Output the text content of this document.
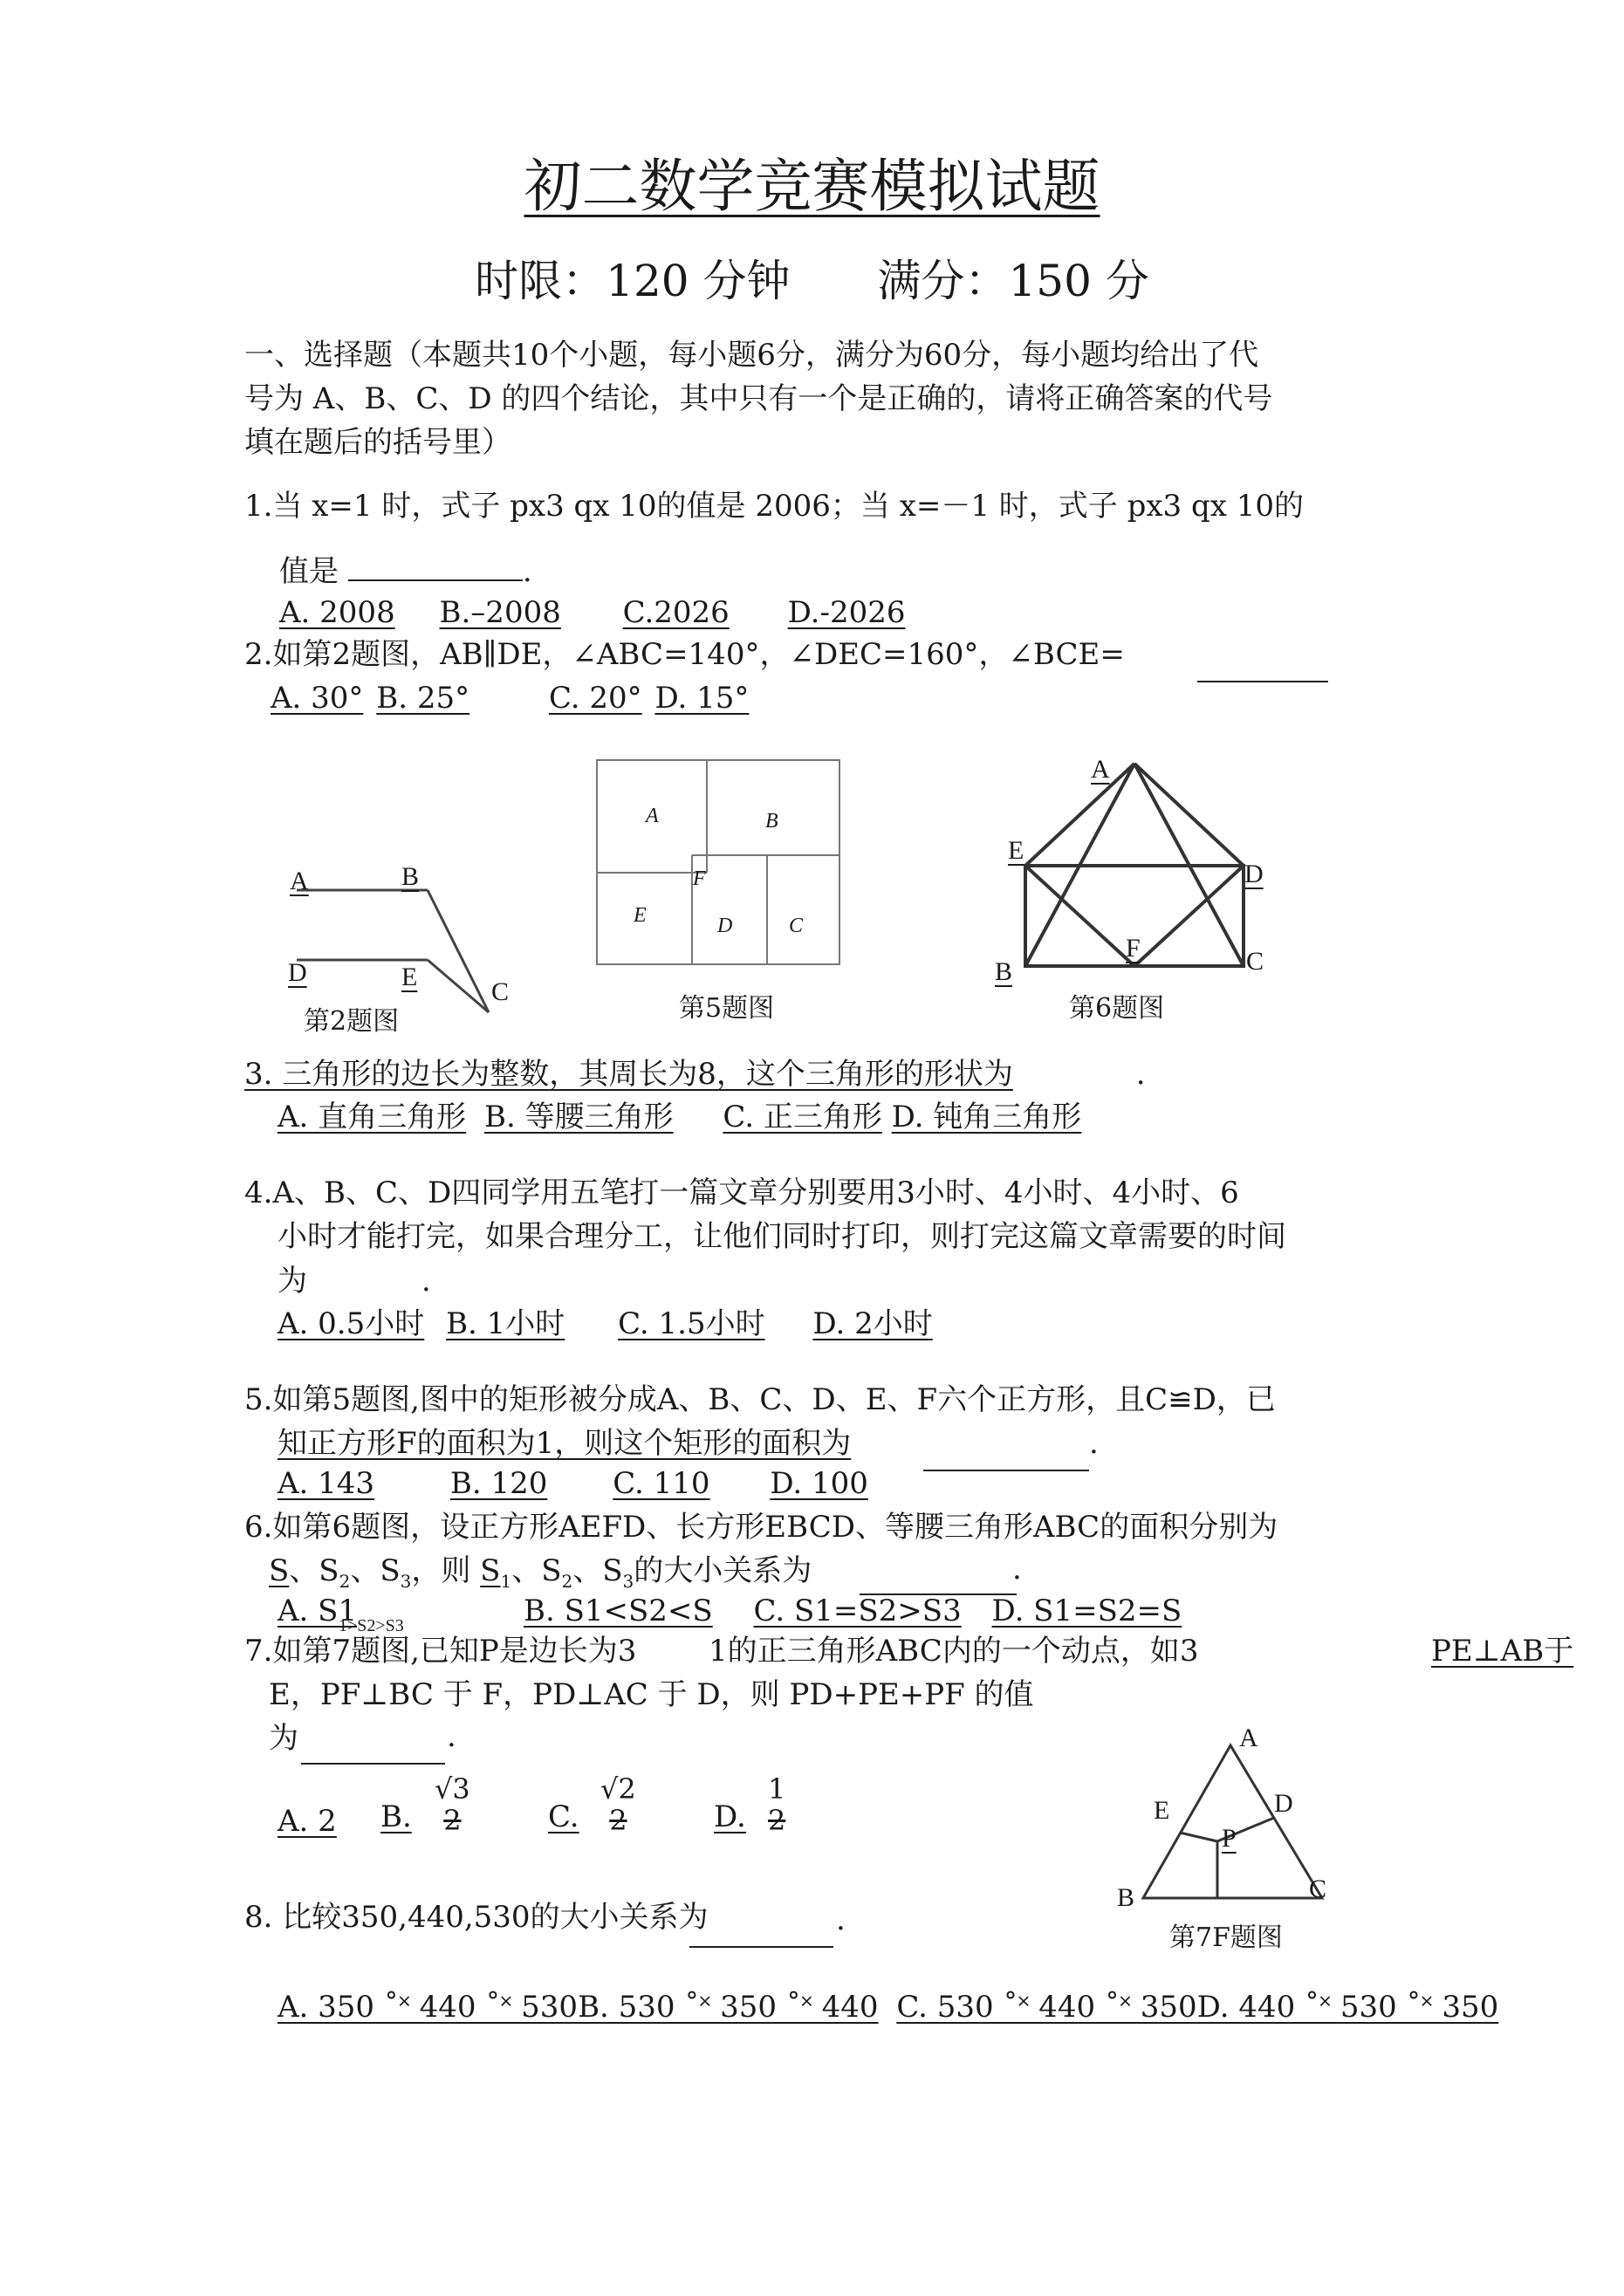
初二数学竞赛模拟试题
时限：120 分钟　　满分：150 分
一、选择题（本题共10个小题，每小题6分，满分为60分，每小题均给出了代
号为 A、B、C、D 的四个结论，其中只有一个是正确的，请将正确答案的代号
填在题后的括号里）
1.当 x=1 时，式子 px3 qx 10的值是 2006；当 x=－1 时，式子 px3 qx 10的
值是	.
A. 2008 B.–2008 C.2026 D.-2026
2.如第2题图，AB∥DE，∠ABC=140°，∠DEC=160°，∠BCE=
A. 30° B. 25°	C. 20° D. 15°
A	B
D	E
C
第2题图
A	B
F
E	D	C
第5题图
A
E
D
F
B	C
第6题图
3. 三角形的边长为整数，其周长为8，这个三角形的形状为	.
A. 直角三角形 B. 等腰三角形 C. 正三角形 D. 钝角三角形
4.A、B、C、D四同学用五笔打一篇文章分别要用3小时、4小时、4小时、6
小时才能打完，如果合理分工，让他们同时打印，则打完这篇文章需要的时间
为	.
A. 0.5小时 B. 1小时 C. 1.5小时 D. 2小时
5.如第5题图,图中的矩形被分成A、B、C、D、E、F六个正方形，且C≌D，已
知正方形F的面积为1，则这个矩形的面积为	.
A. 143	B. 120 C. 110 D. 100
6.如第6题图，设正方形AEFD、长方形EBCD、等腰三角形ABC的面积分别为
S、$S_2$、$S_3$，则 $S_1$、$S_2$、$S_3$的大小关系为	.
A. S1
1>S2>S3	B. S1<S2<S C. S1=S2>S3 D. S1=S2=S
7.如第7题图,已知P是边长为3 1的正三角形ABC内的一个动点，如3	PE⊥AB于
E，PF⊥BC 于 F，PD⊥AC 于 D，则 PD+PE+PF 的值
为	.
A. 2 B.
√3
2	C.
√2
2	D.
1
2
A
E	D
P
B	C
第7F题图
8. 比较350,440,530的大小关系为	.
A. 350 ˚˟ 440 ˚˟ 530B. 530 ˚˟ 350 ˚˟ 440 C. 530 ˚˟ 440 ˚˟ 350D. 440 ˚˟ 530 ˚˟ 350
